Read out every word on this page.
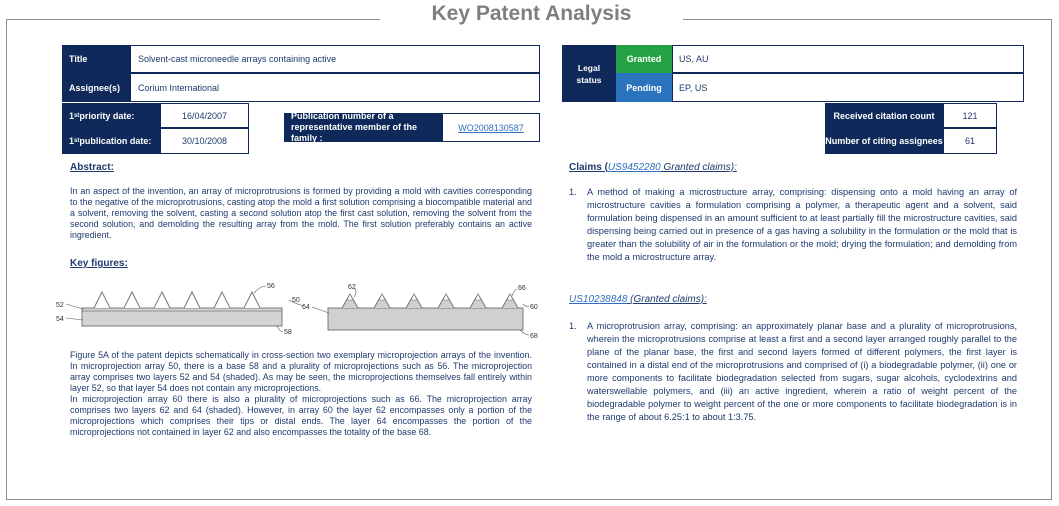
Key Patent Analysis
Title	Solvent-cast microneedle arrays containing active
Assignee(s)	Corium International
1 st priority date:	16/04/2007
1 st publication date:	30/10/2008
Publication number of a
representative member of the family :
WO2008130587
Legal
status
Granted	US, AU
Pending	EP, US
Received citation count	121
Number of citing assignees	61
Abstract:
In an aspect of the invention, an array of microprotrusions is formed by providing a mold with cavities corresponding to the negative of the microprotrusions, casting atop the mold a first solution comprising a biocompatible material and a solvent, removing the solvent, casting a second solution atop the first cast solution, removing the solvent from the second solution, and demolding the resulting array from the mold. The first solution preferably contains an active ingredient.
Key figures:
52
54
56
58
50
62
64
66
60
68
Figure 5A of the patent depicts schematically in cross-section two exemplary microprojection arrays of the invention. In microprojection array 50, there is a base 58 and a plurality of microprojections such as 56. The microprojection array comprises two layers 52 and 54 (shaded). As may be seen, the microprojections themselves fall entirely within layer 52, so that layer 54 does not contain any microprojections.
In microprojection array 60 there is also a plurality of microprojections such as 66. The microprojection array comprises two layers 62 and 64 (shaded). However, in array 60 the layer 62 encompasses only a portion of the microprojections which comprises their tips or distal ends. The layer 64 encompasses the portion of the microprojections not contained in layer 62 and also encompasses the totality of the base 68.
Claims (US9452280 Granted claims):
1. A method of making a microstructure array, comprising: dispensing onto a mold having an array of microstructure cavities a formulation comprising a polymer, a therapeutic agent and a solvent, said formulation being dispensed in an amount sufficient to at least partially fill the microstructure cavities, said dispensing being carried out in presence of a gas having a solubility in the formulation or the mold that is greater than the solubility of air in the formulation or the mold; drying the formulation; and demolding from the mold a microstructure array.
US10238848 (Granted claims):
1. A microprotrusion array, comprising: an approximately planar base and a plurality of microprotrusions, wherein the microprotrusions comprise at least a first and a second layer arranged roughly parallel to the plane of the planar base, the first and second layers formed of different polymers, the first layer is contained in a distal end of the microprotrusions and comprised of (i) a biodegradable polymer, (ii) one or more components to facilitate biodegradation selected from sugars, sugar alcohols, cyclodextrins and waterswellable polymers, and (iii) an active ingredient, wherein a ratio of weight percent of the biodegradable polymer to weight percent of the one or more components to facilitate biodegradation is in the range of about 6.25:1 to about 1:3.75.
